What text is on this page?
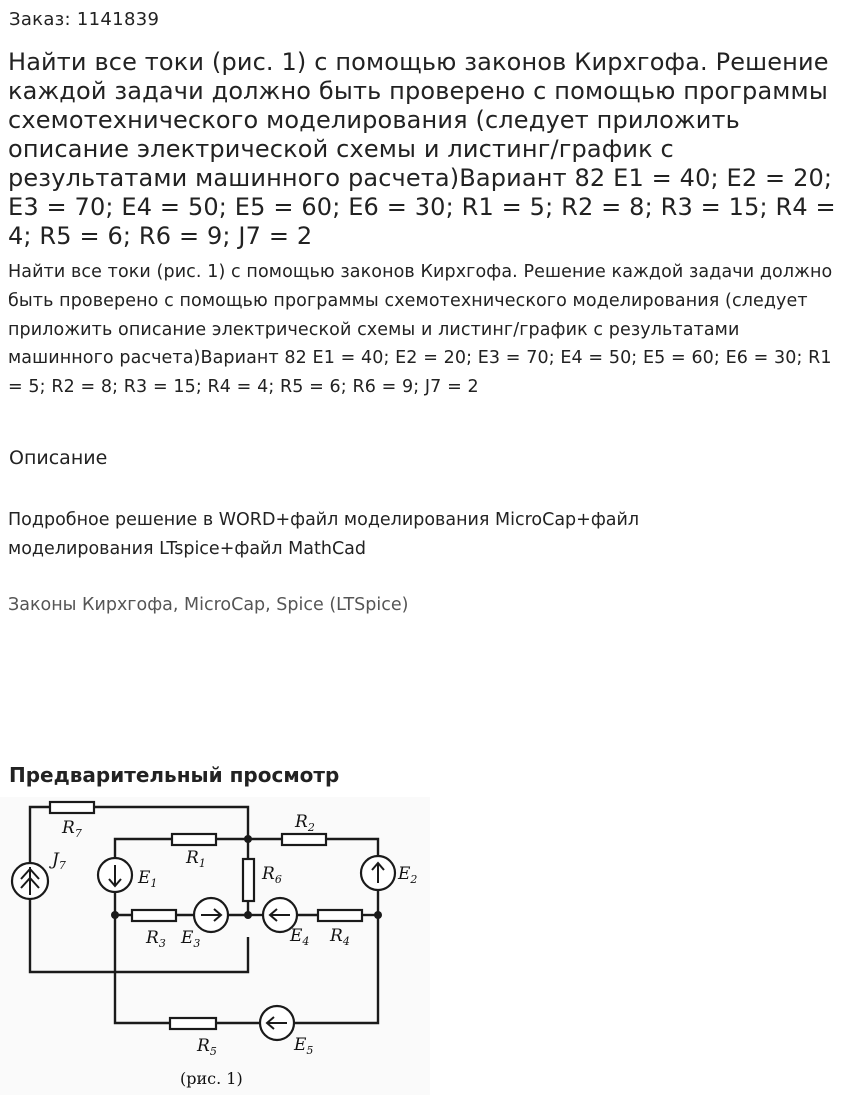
Заказ: 1141839
Найти все токи (рис. 1) с помощью законов Кирхгофа. Решение каждой задачи должно быть проверено с помощью программы схемотехнического моделирования (следует приложить описание электрической схемы и листинг/график с результатами машинного расчета)Вариант 82 E1 = 40; E2 = 20; E3 = 70; E4 = 50; E5 = 60; E6 = 30; R1 = 5; R2 = 8; R3 = 15; R4 = 4; R5 = 6; R6 = 9; J7 = 2

Найти все токи (рис. 1) с помощью законов Кирхгофа. Решение каждой задачи должно быть проверено с помощью программы схемотехнического моделирования (следует приложить описание электрической схемы и листинг/график с результатами машинного расчета)Вариант 82 E1 = 40; E2 = 20; E3 = 70; E4 = 50; E5 = 60; E6 = 30; R1 = 5; R2 = 8; R3 = 15; R4 = 4; R5 = 6; R6 = 9; J7 = 2

Описание

Подробное решение в WORD+файл моделирования MicroCap+файл моделирования LTspice+файл MathCad

Законы Кирхгофа, MicroCap, Spice (LTSpice)

Предварительный просмотр
$R_7$
$J_7$	$R_1$
$E_1$
$R_2$
$E_2$
$R_6$
$R_3$ $E_3$	$E_4$ $R_4$
$R_5$	$E_5$
(рис. 1)
